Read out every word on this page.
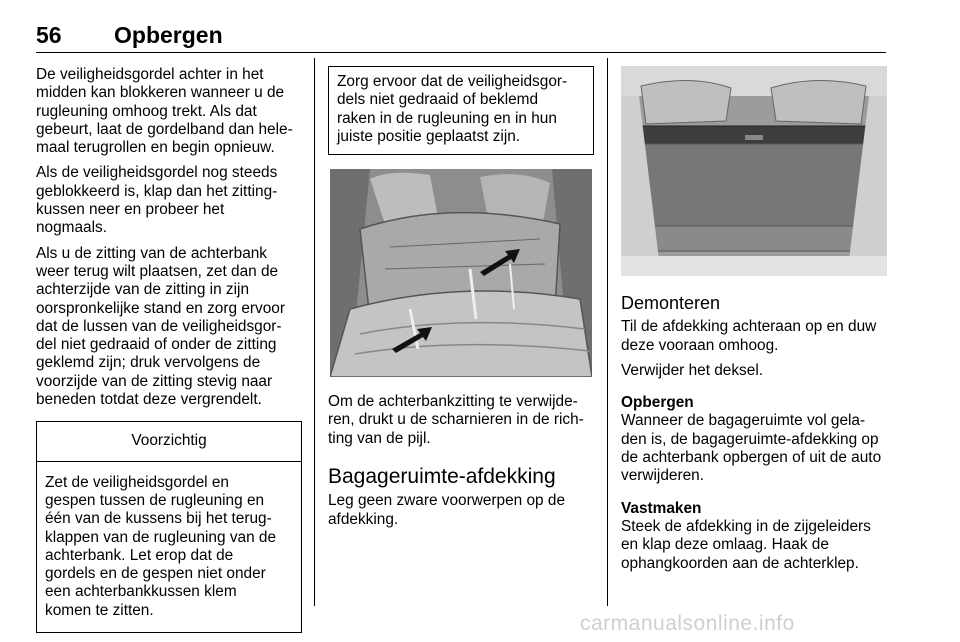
56 Opbergen

De veiligheidsgordel achter in het
midden kan blokkeren wanneer u de
rugleuning omhoog trekt. Als dat
gebeurt, laat de gordelband dan hele-
maal terugrollen en begin opnieuw.

Als de veiligheidsgordel nog steeds
geblokkeerd is, klap dan het zitting-
kussen neer en probeer het
nogmaals.

Als u de zitting van de achterbank
weer terug wilt plaatsen, zet dan de
achterzijde van de zitting in zijn
oorspronkelijke stand en zorg ervoor
dat de lussen van de veiligheidsgor-
del niet gedraaid of onder de zitting
geklemd zijn; druk vervolgens de
voorzijde van de zitting stevig naar
beneden totdat deze vergrendelt.

Voorzichtig
Zet de veiligheidsgordel en
gespen tussen de rugleuning en
één van de kussens bij het terug-
klappen van de rugleuning van de
achterbank. Let erop dat de
gordels en de gespen niet onder
een achterbankkussen klem
komen te zitten.
Zorg ervoor dat de veiligheidsgor-
dels niet gedraaid of beklemd
raken in de rugleuning en in hun
juiste positie geplaatst zijn.

Om de achterbankzitting te verwijde-
ren, drukt u de scharnieren in de rich-
ting van de pijl.

Bagageruimte-afdekking

Leg geen zware voorwerpen op de
afdekking.

Demonteren

Til de afdekking achteraan op en duw
deze vooraan omhoog.

Verwijder het deksel.

Opbergen
Wanneer de bagageruimte vol gela-
den is, de bagageruimte-afdekking op
de achterbank opbergen of uit de auto
verwijderen.

Vastmaken
Steek de afdekking in de zijgeleiders
en klap deze omlaag. Haak de
ophangkoorden aan de achterklep.

carmanualsonline.info
